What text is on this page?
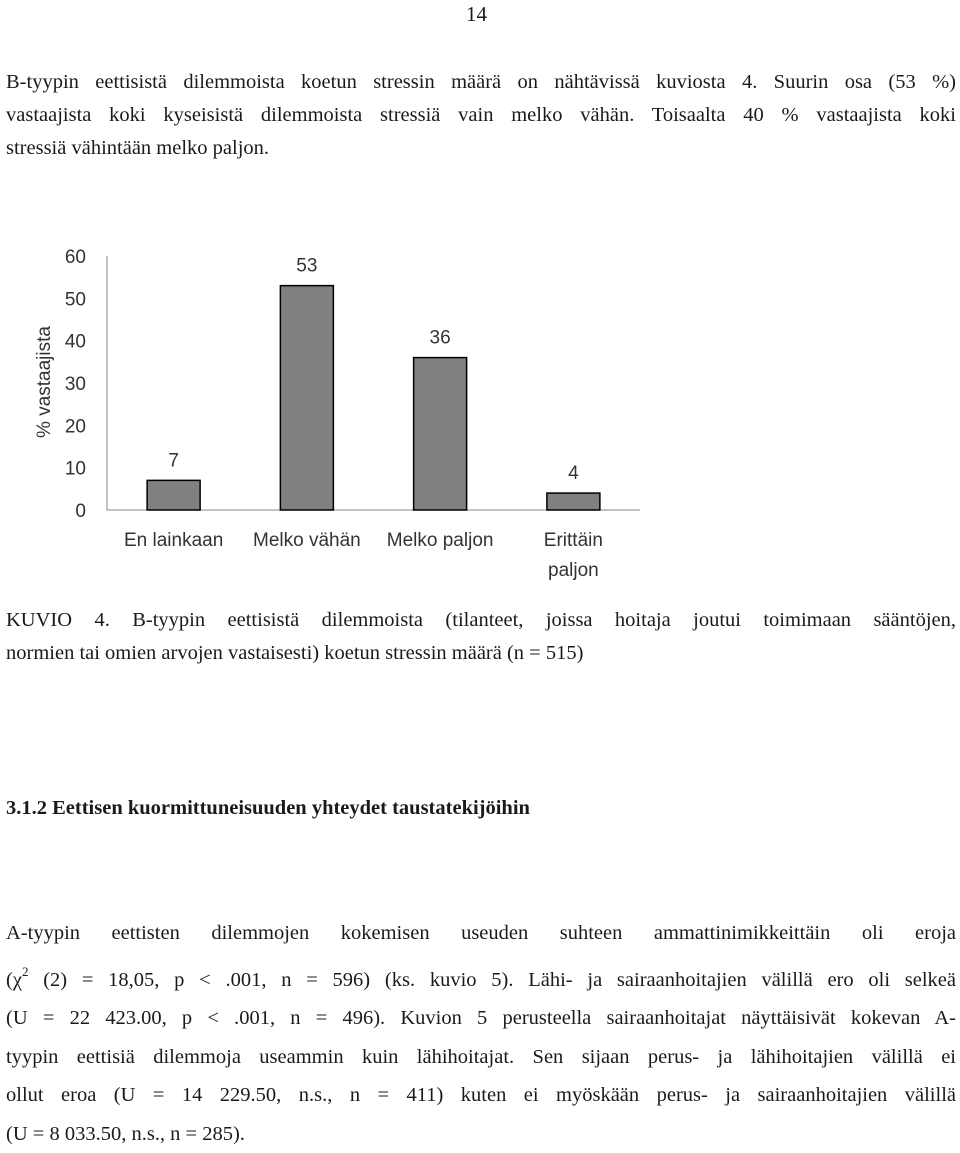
14
B-tyypin eettisistä dilemmoista koetun stressin määrä on nähtävissä kuviosta 4. Suurin osa (53 %)
vastaajista koki kyseisistä dilemmoista stressiä vain melko vähän. Toisaalta 40 % vastaajista koki
stressiä vähintään melko paljon.
% vastaajista
0
10
20
30
40
50
60
7
53
36
4
En lainkaan Melko vähän Melko paljon	Erittäin
paljon
KUVIO 4. B-tyypin eettisistä dilemmoista (tilanteet, joissa hoitaja joutui toimimaan sääntöjen,
normien tai omien arvojen vastaisesti) koetun stressin määrä (n = 515)
3.1.2 Eettisen kuormittuneisuuden yhteydet taustatekijöihin
A-tyypin eettisten dilemmojen kokemisen useuden suhteen ammattinimikkeittäin oli eroja
($\chi^2$ (2) = 18,05, p < .001, n = 596) (ks. kuvio 5). Lähi- ja sairaanhoitajien välillä ero oli selkeä
(U = 22 423.00, p < .001, n = 496). Kuvion 5 perusteella sairaanhoitajat näyttäisivät kokevan A-
tyypin eettisiä dilemmoja useammin kuin lähihoitajat. Sen sijaan perus- ja lähihoitajien välillä ei
ollut eroa (U = 14 229.50, n.s., n = 411) kuten ei myöskään perus- ja sairaanhoitajien välillä
(U = 8 033.50, n.s., n = 285).
